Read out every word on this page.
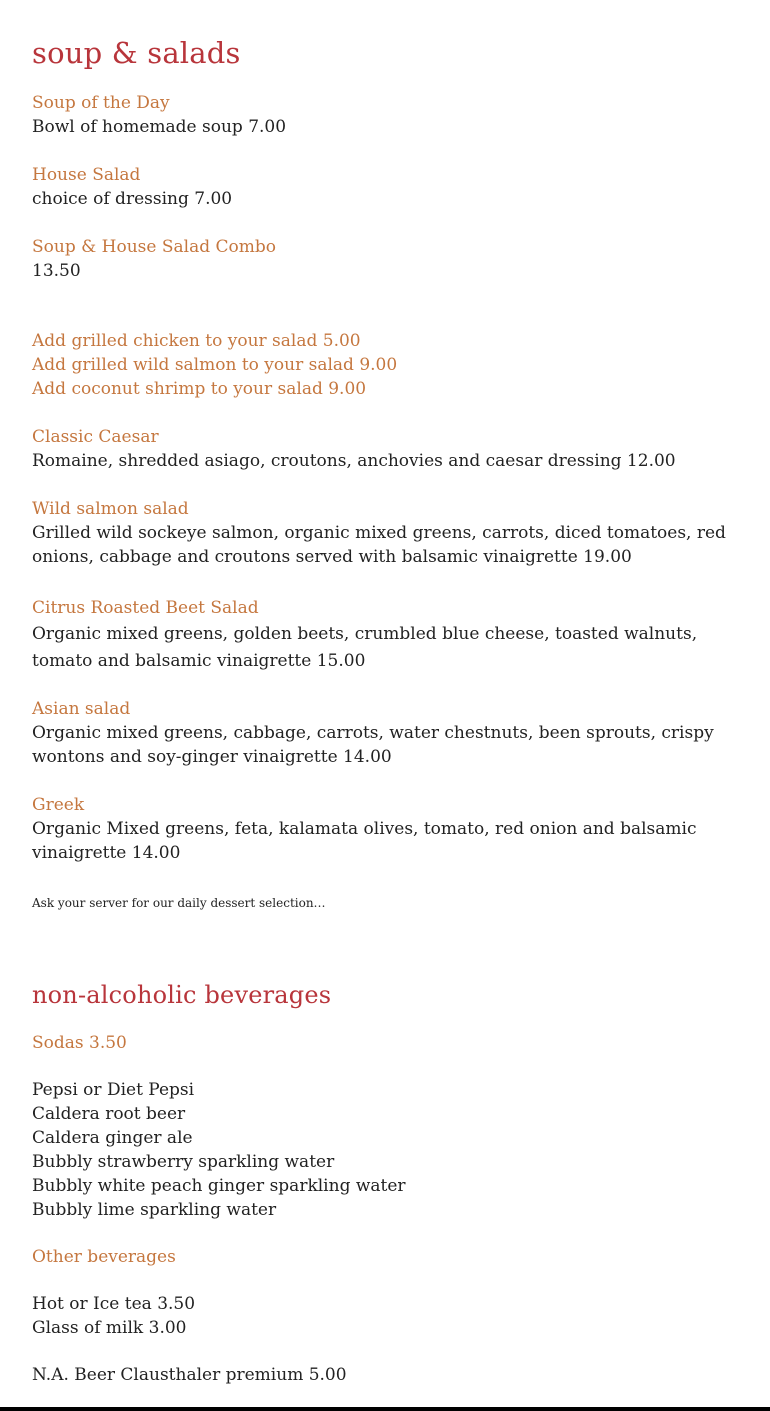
soup & salads
Soup of the Day
Bowl of homemade soup 7.00
House Salad
choice of dressing 7.00
Soup & House Salad Combo
13.50
Add grilled chicken to your salad 5.00
Add grilled wild salmon to your salad 9.00
Add coconut shrimp to your salad 9.00
Classic Caesar
Romaine, shredded asiago, croutons, anchovies and caesar dressing 12.00
Wild salmon salad
Grilled wild sockeye salmon, organic mixed greens, carrots, diced tomatoes, red onions, cabbage and croutons served with balsamic vinaigrette 19.00
Citrus Roasted Beet Salad
Organic mixed greens, golden beets, crumbled blue cheese, toasted walnuts, tomato and balsamic vinaigrette 15.00
Asian salad
Organic mixed greens, cabbage, carrots, water chestnuts, been sprouts, crispy wontons and soy-ginger vinaigrette 14.00
Greek
Organic Mixed greens, feta, kalamata olives, tomato, red onion and balsamic vinaigrette 14.00
Ask your server for our daily dessert selection…
non-alcoholic beverages
Sodas 3.50
Pepsi or Diet Pepsi
Caldera root beer
Caldera ginger ale
Bubbly strawberry sparkling water
Bubbly white peach ginger sparkling water
Bubbly lime sparkling water
Other beverages
Hot or Ice tea 3.50
Glass of milk 3.00
N.A. Beer Clausthaler premium 5.00
